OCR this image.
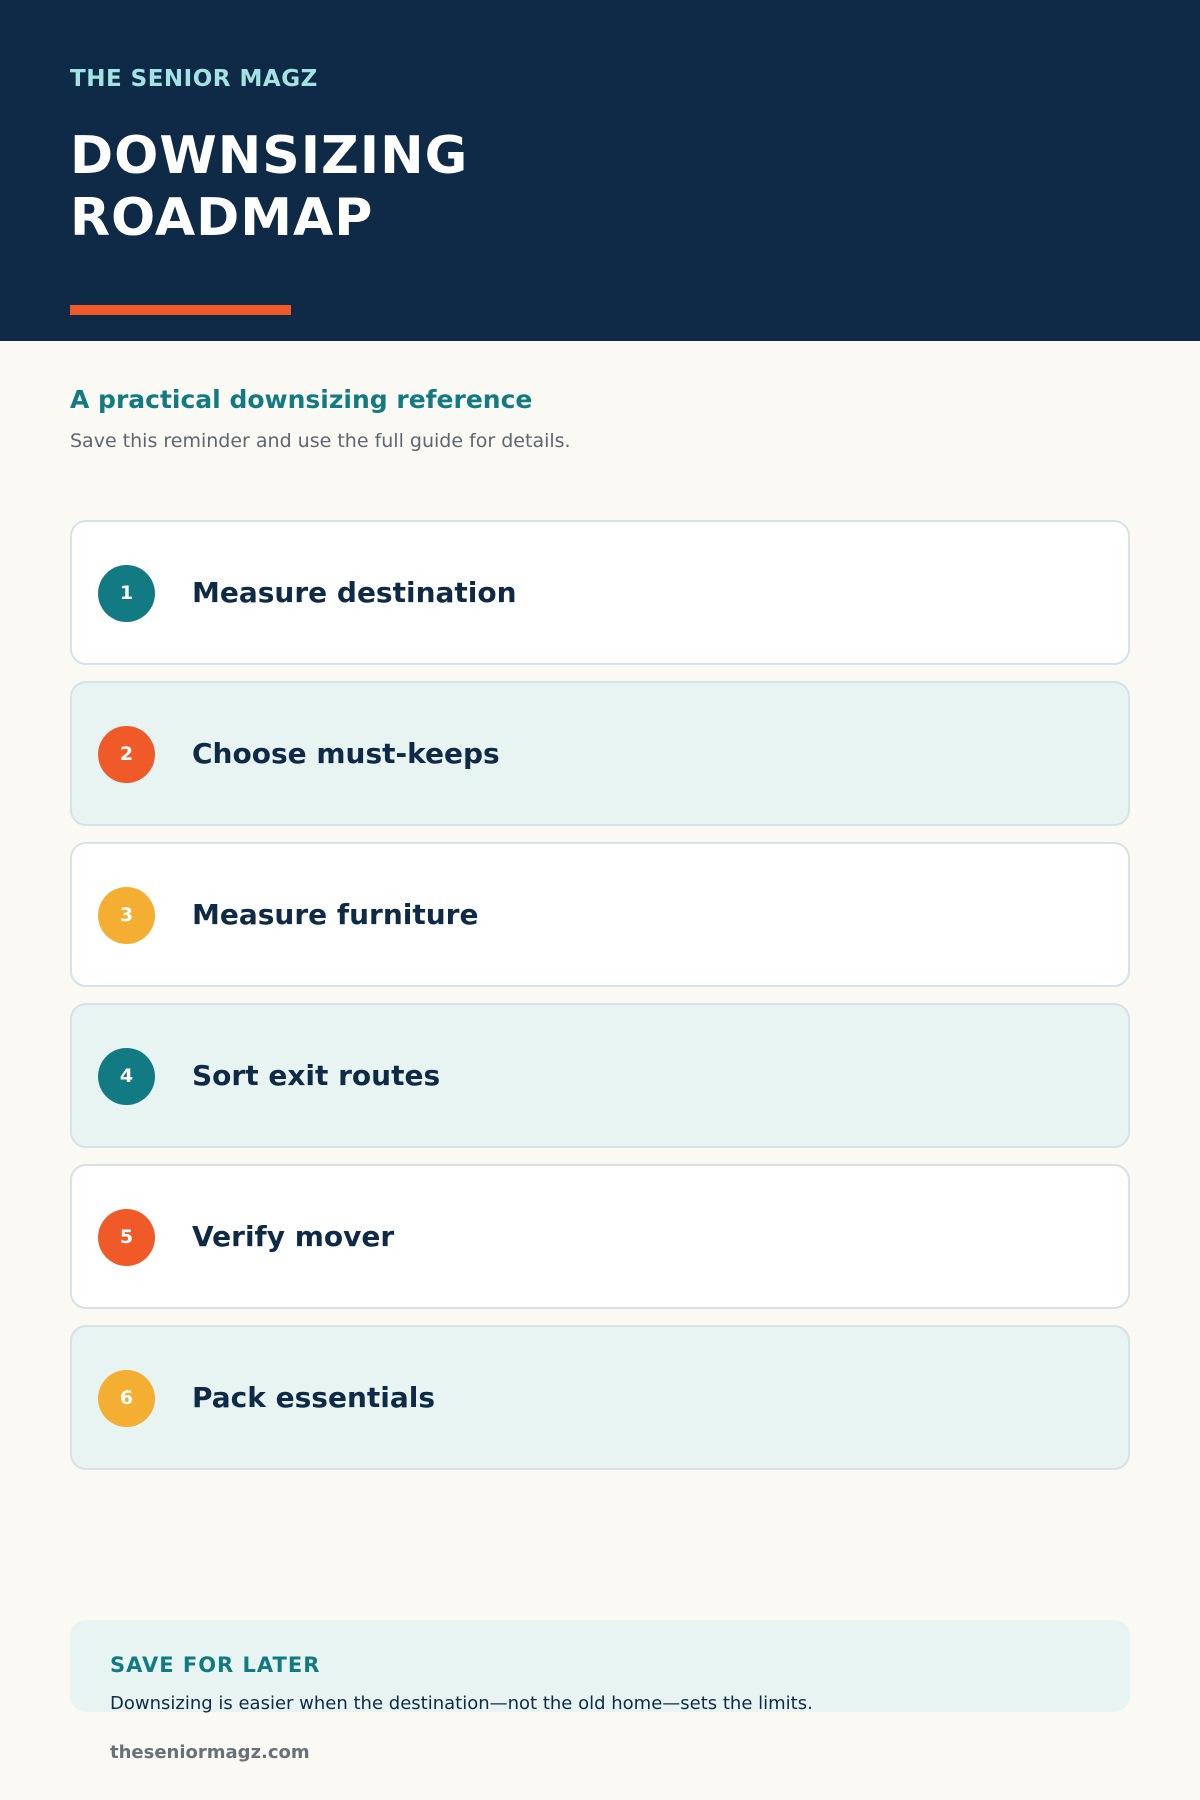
THE SENIOR MAGZ
DOWNSIZING
ROADMAP
A practical downsizing reference
Save this reminder and use the full guide for details.
1	Measure destination
2	Choose must-keeps
3	Measure furniture
4	Sort exit routes
5	Verify mover
6	Pack essentials
SAVE FOR LATER
Downsizing is easier when the destination—not the old home—sets the limits.
theseniormagz.com
